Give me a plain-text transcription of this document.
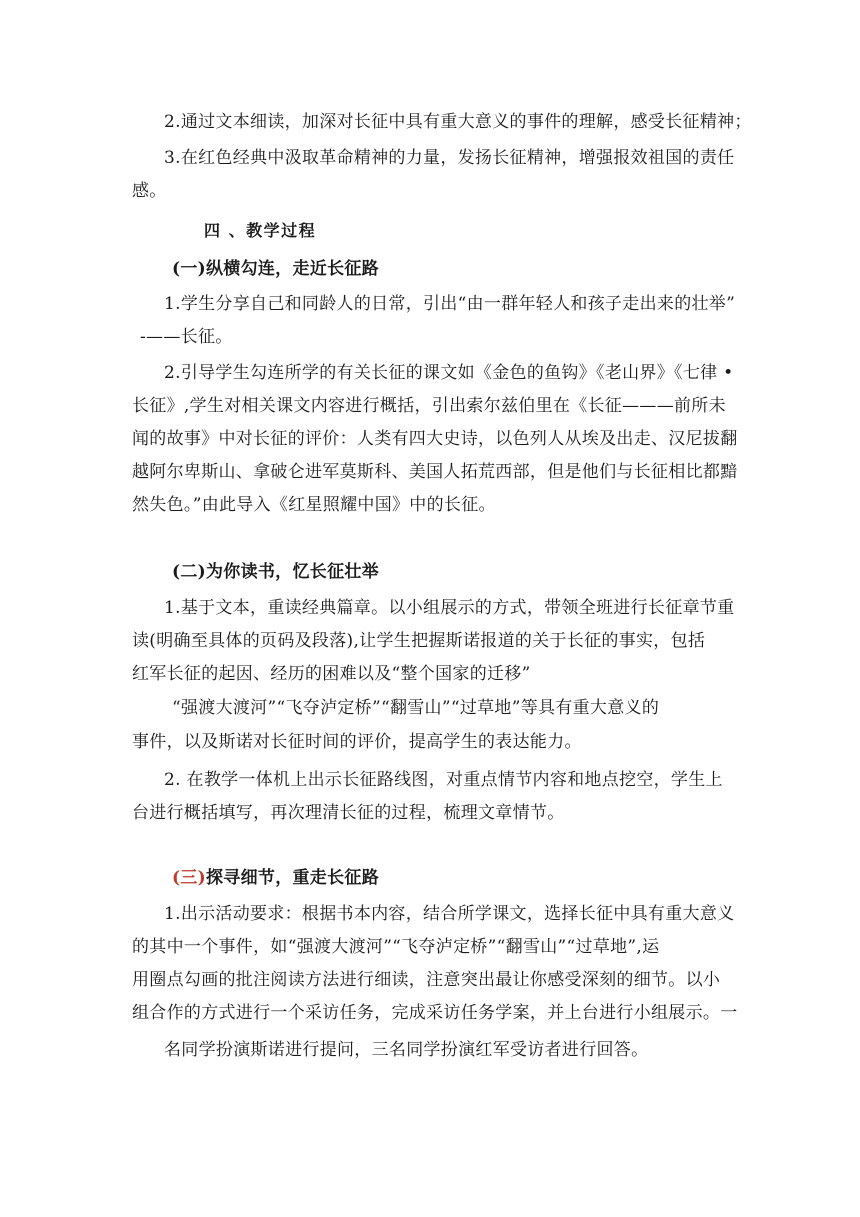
2.通过文本细读，加深对长征中具有重大意义的事件的理解，感受长征精神；
3.在红色经典中汲取革命精神的力量，发扬长征精神，增强报效祖国的责任
感。
四 、教学过程
(一)纵横勾连，走近长征路
1.学生分享自己和同龄人的日常，引出“由一群年轻人和孩子走出来的壮举”
-——长征。
2.引导学生勾连所学的有关长征的课文如《金色的鱼钩》《老山界》《七律 •
长征》,学生对相关课文内容进行概括，引出索尔兹伯里在《长征———前所未
闻的故事》中对长征的评价：人类有四大史诗，以色列人从埃及出走、汉尼拔翻
越阿尔卑斯山、拿破仑进军莫斯科、美国人拓荒西部，但是他们与长征相比都黯
然失色。”由此导入《红星照耀中国》中的长征。
(二)为你读书，忆长征壮举
1.基于文本，重读经典篇章。以小组展示的方式，带领全班进行长征章节重
读(明确至具体的页码及段落),让学生把握斯诺报道的关于长征的事实，包括
红军长征的起因、经历的困难以及“整个国家的迁移”
“强渡大渡河”“飞夺泸定桥”“翻雪山”“过草地”等具有重大意义的
事件，以及斯诺对长征时间的评价，提高学生的表达能力。
2. 在教学一体机上出示长征路线图，对重点情节内容和地点挖空，学生上
台进行概括填写，再次理清长征的过程，梳理文章情节。
(三)探寻细节，重走长征路
1.出示活动要求：根据书本内容，结合所学课文，选择长征中具有重大意义
的其中一个事件，如“强渡大渡河”“飞夺泸定桥”“翻雪山”“过草地”,运
用圈点勾画的批注阅读方法进行细读，注意突出最让你感受深刻的细节。以小
组合作的方式进行一个采访任务，完成采访任务学案，并上台进行小组展示。一
名同学扮演斯诺进行提问，三名同学扮演红军受访者进行回答。
